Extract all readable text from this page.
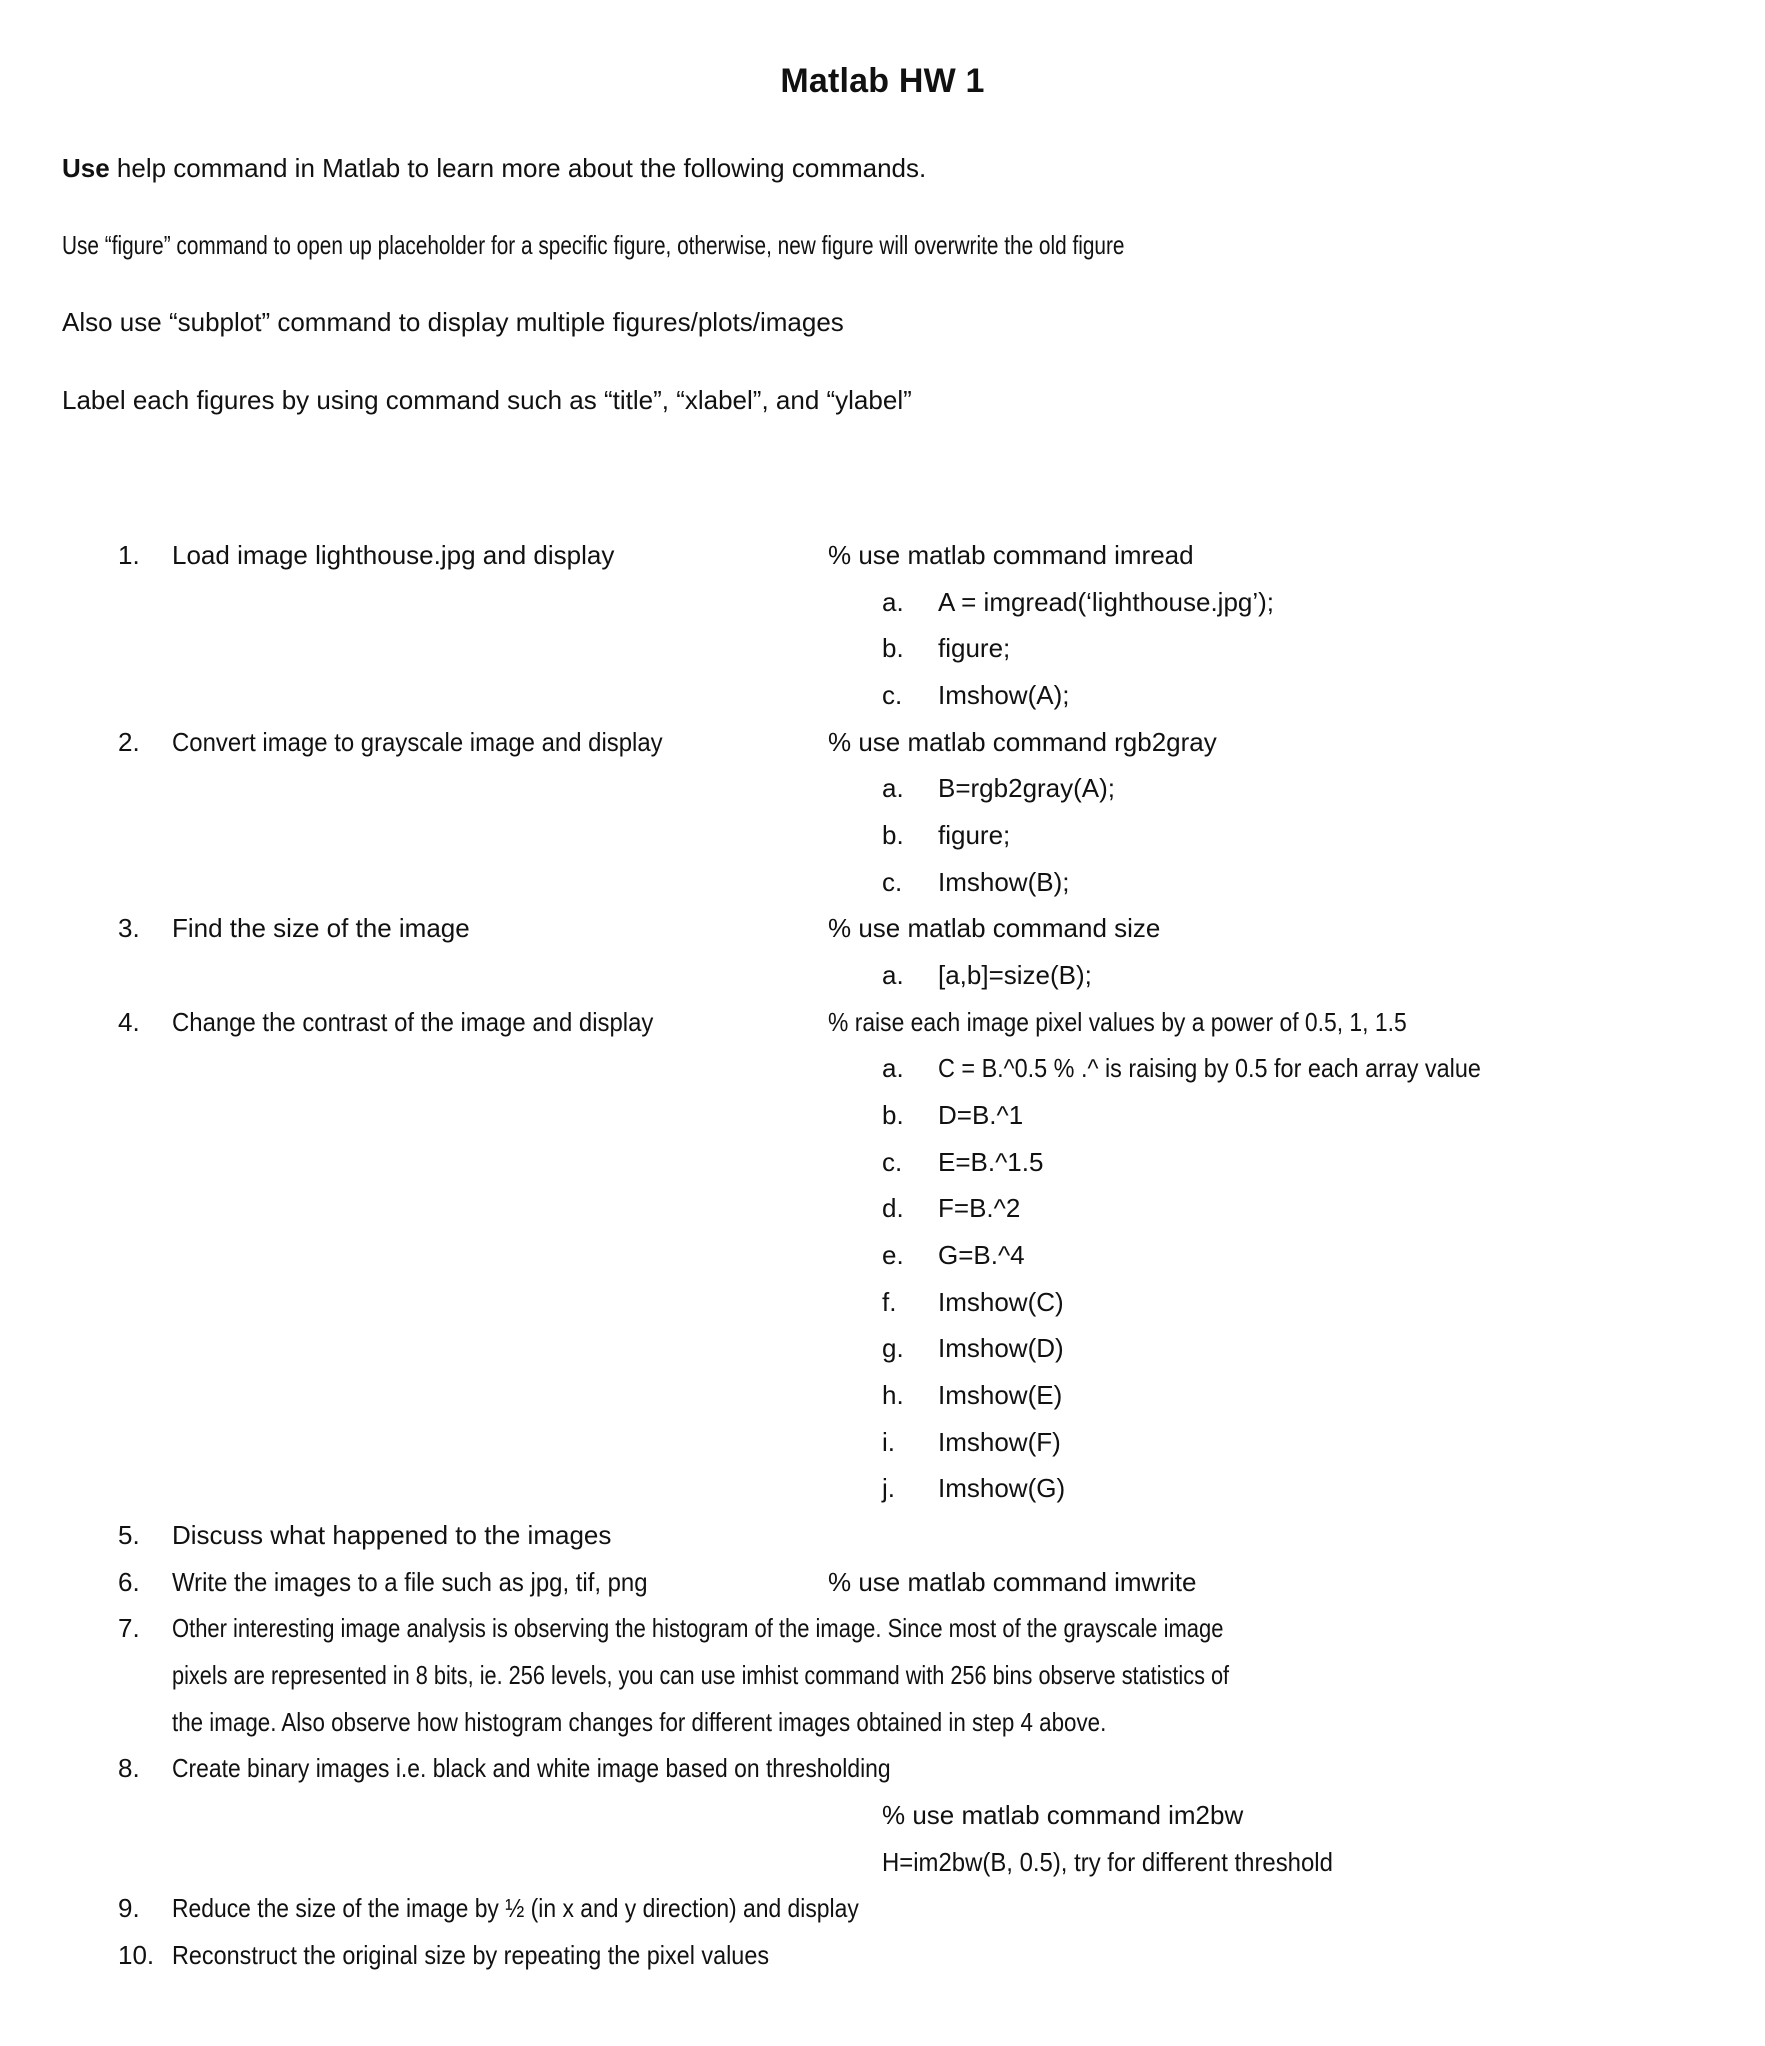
Matlab HW 1
Use help command in Matlab to learn more about the following commands.
Use “figure” command to open up placeholder for a specific figure, otherwise, new figure will overwrite the old figure
Also use “subplot” command to display multiple figures/plots/images
Label each figures by using command such as “title”, “xlabel”, and “ylabel”
1. Load image lighthouse.jpg and display	% use matlab command imread
a. A = imgread(‘lighthouse.jpg’);
b. figure;
c. Imshow(A);
2. Convert image to grayscale image and display	% use matlab command rgb2gray
a. B=rgb2gray(A);
b. figure;
c. Imshow(B);
3. Find the size of the image	% use matlab command size
a. [a,b]=size(B);
4. Change the contrast of the image and display	% raise each image pixel values by a power of 0.5, 1, 1.5
a. C = B.^0.5 % .^ is raising by 0.5 for each array value
b. D=B.^1
c. E=B.^1.5
d. F=B.^2
e. G=B.^4
f. Imshow(C)
g. Imshow(D)
h. Imshow(E)
i. Imshow(F)
j. Imshow(G)
5. Discuss what happened to the images
6. Write the images to a file such as jpg, tif, png	% use matlab command imwrite
7. Other interesting image analysis is observing the histogram of the image. Since most of the grayscale image
pixels are represented in 8 bits, ie. 256 levels, you can use imhist command with 256 bins observe statistics of
the image. Also observe how histogram changes for different images obtained in step 4 above.
8. Create binary images i.e. black and white image based on thresholding
% use matlab command im2bw
H=im2bw(B, 0.5), try for different threshold
9. Reduce the size of the image by ½ (in x and y direction) and display
10. Reconstruct the original size by repeating the pixel values
